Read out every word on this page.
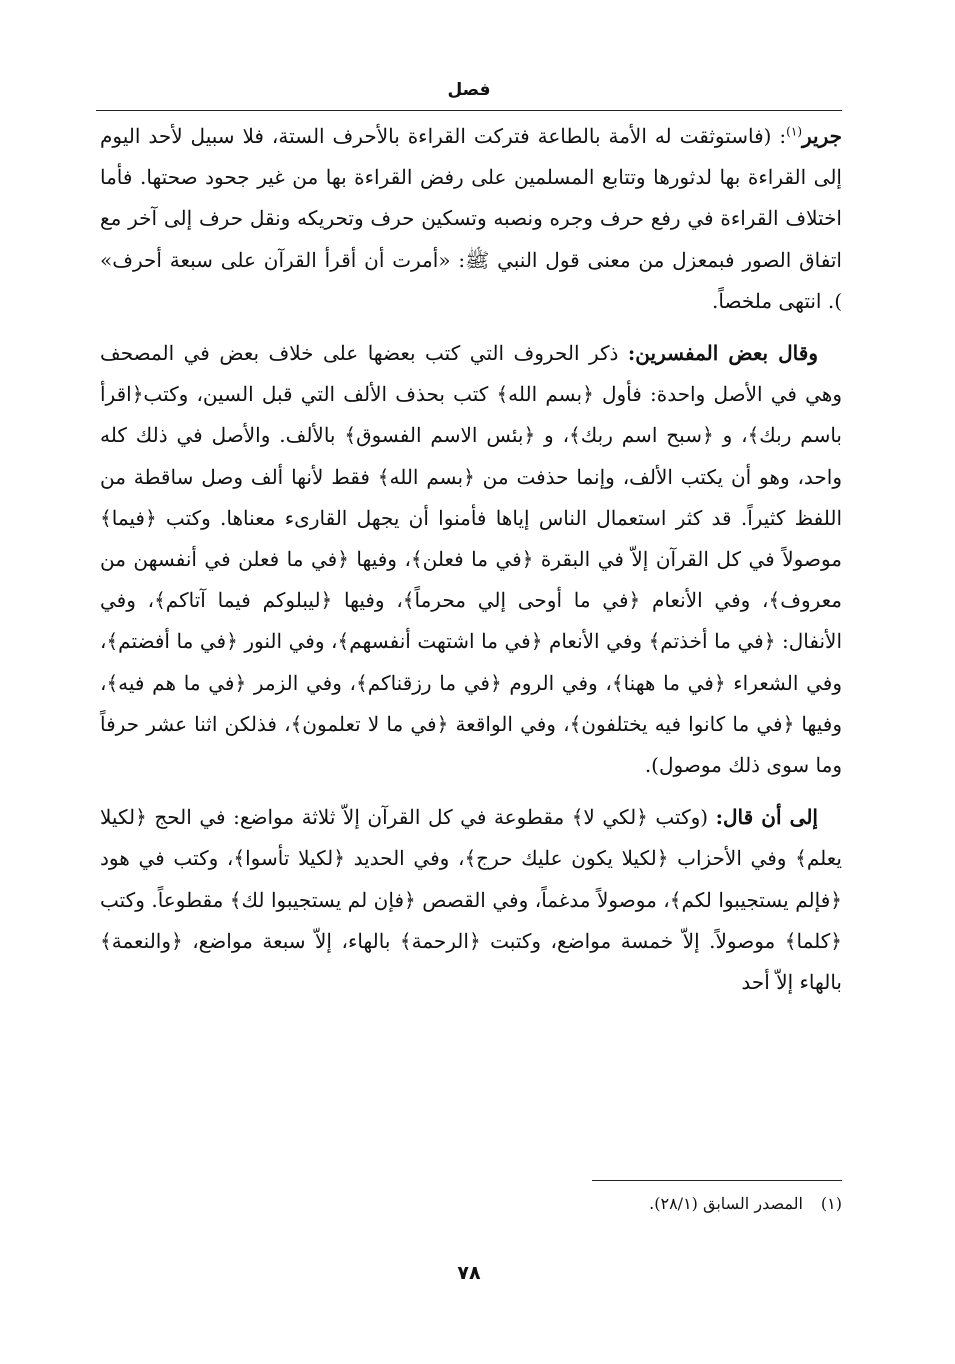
فصل

جرير$^{(١)}$: (فاستوثقت له الأمة بالطاعة فتركت القراءة بالأحرف الستة، فلا سبيل لأحد اليوم إلى القراءة بها لدثورها وتتابع المسلمين على رفض القراءة بها من غير جحود صحتها. فأما اختلاف القراءة في رفع حرف وجره ونصبه وتسكين حرف وتحريكه ونقل حرف إلى آخر مع اتفاق الصور فبمعزل من معنى قول النبي ﷺ: «أمرت أن أقرأ القرآن على سبعة أحرف» ). انتهى ملخصاً.

وقال بعض المفسرين: ذكر الحروف التي كتب بعضها على خلاف بعض في المصحف وهي في الأصل واحدة: فأول ﴿بسم الله﴾ كتب بحذف الألف التي قبل السين، وكتب﴿اقرأ باسم ربك﴾، و ﴿سبح اسم ربك﴾، و ﴿بئس الاسم الفسوق﴾ بالألف. والأصل في ذلك كله واحد، وهو أن يكتب الألف، وإنما حذفت من ﴿بسم الله﴾ فقط لأنها ألف وصل ساقطة من اللفظ كثيراً. قد كثر استعمال الناس إياها فأمنوا أن يجهل القارىء معناها. وكتب ﴿فيما﴾ موصولاً في كل القرآن إلاّ في البقرة ﴿في ما فعلن﴾، وفيها ﴿في ما فعلن في أنفسهن من معروف﴾، وفي الأنعام ﴿في ما أوحى إلي محرماً﴾، وفيها ﴿ليبلوكم فيما آتاكم﴾، وفي الأنفال: ﴿في ما أخذتم﴾ وفي الأنعام ﴿في ما اشتهت أنفسهم﴾، وفي النور ﴿في ما أفضتم﴾، وفي الشعراء ﴿في ما ههنا﴾، وفي الروم ﴿في ما رزقناكم﴾، وفي الزمر ﴿في ما هم فيه﴾، وفيها ﴿في ما كانوا فيه يختلفون﴾، وفي الواقعة ﴿في ما لا تعلمون﴾، فذلكن اثنا عشر حرفاً وما سوى ذلك موصول).

إلى أن قال: (وكتب ﴿لكي لا﴾ مقطوعة في كل القرآن إلاّ ثلاثة مواضع: في الحج ﴿لكيلا يعلم﴾ وفي الأحزاب ﴿لكيلا يكون عليك حرج﴾، وفي الحديد ﴿لكيلا تأسوا﴾، وكتب في هود ﴿فإلم يستجيبوا لكم﴾، موصولاً مدغماً، وفي القصص ﴿فإن لم يستجيبوا لك﴾ مقطوعاً. وكتب ﴿كلما﴾ موصولاً. إلاّ خمسة مواضع، وكتبت ﴿الرحمة﴾ بالهاء، إلاّ سبعة مواضع، ﴿والنعمة﴾ بالهاء إلاّ أحد

(١)المصدر السابق (٢٨/١).
٧٨
